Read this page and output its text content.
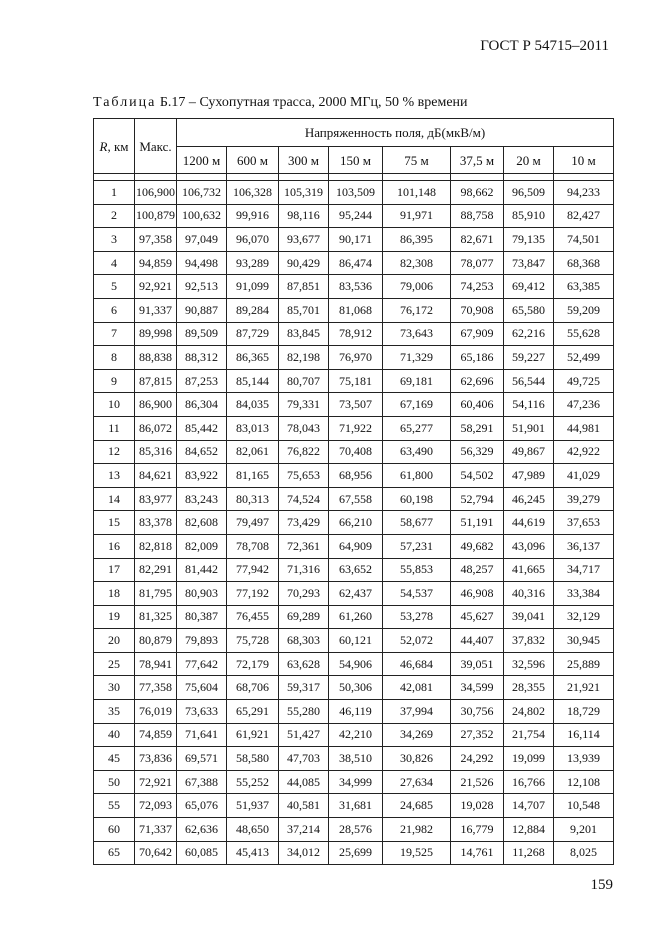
ГОСТ Р 54715–2011
Таблица Б.17 – Сухопутная трасса, 2000 МГц, 50 % времени
R, км	Макс.	Напряженность поля, дБ(мкВ/м)							
		1200 м	600 м	300 м	150 м	75 м	37,5 м	20 м	10 м

1	106,900	106,732	106,328	105,319	103,509	101,148	98,662	96,509	94,233
2	100,879	100,632	99,916	98,116	95,244	91,971	88,758	85,910	82,427
3	97,358	97,049	96,070	93,677	90,171	86,395	82,671	79,135	74,501
4	94,859	94,498	93,289	90,429	86,474	82,308	78,077	73,847	68,368
5	92,921	92,513	91,099	87,851	83,536	79,006	74,253	69,412	63,385
6	91,337	90,887	89,284	85,701	81,068	76,172	70,908	65,580	59,209
7	89,998	89,509	87,729	83,845	78,912	73,643	67,909	62,216	55,628
8	88,838	88,312	86,365	82,198	76,970	71,329	65,186	59,227	52,499
9	87,815	87,253	85,144	80,707	75,181	69,181	62,696	56,544	49,725
10	86,900	86,304	84,035	79,331	73,507	67,169	60,406	54,116	47,236
11	86,072	85,442	83,013	78,043	71,922	65,277	58,291	51,901	44,981
12	85,316	84,652	82,061	76,822	70,408	63,490	56,329	49,867	42,922
13	84,621	83,922	81,165	75,653	68,956	61,800	54,502	47,989	41,029
14	83,977	83,243	80,313	74,524	67,558	60,198	52,794	46,245	39,279
15	83,378	82,608	79,497	73,429	66,210	58,677	51,191	44,619	37,653
16	82,818	82,009	78,708	72,361	64,909	57,231	49,682	43,096	36,137
17	82,291	81,442	77,942	71,316	63,652	55,853	48,257	41,665	34,717
18	81,795	80,903	77,192	70,293	62,437	54,537	46,908	40,316	33,384
19	81,325	80,387	76,455	69,289	61,260	53,278	45,627	39,041	32,129
20	80,879	79,893	75,728	68,303	60,121	52,072	44,407	37,832	30,945
25	78,941	77,642	72,179	63,628	54,906	46,684	39,051	32,596	25,889
30	77,358	75,604	68,706	59,317	50,306	42,081	34,599	28,355	21,921
35	76,019	73,633	65,291	55,280	46,119	37,994	30,756	24,802	18,729
40	74,859	71,641	61,921	51,427	42,210	34,269	27,352	21,754	16,114
45	73,836	69,571	58,580	47,703	38,510	30,826	24,292	19,099	13,939
50	72,921	67,388	55,252	44,085	34,999	27,634	21,526	16,766	12,108
55	72,093	65,076	51,937	40,581	31,681	24,685	19,028	14,707	10,548
60	71,337	62,636	48,650	37,214	28,576	21,982	16,779	12,884	9,201
65	70,642	60,085	45,413	34,012	25,699	19,525	14,761	11,268	8,025
159
